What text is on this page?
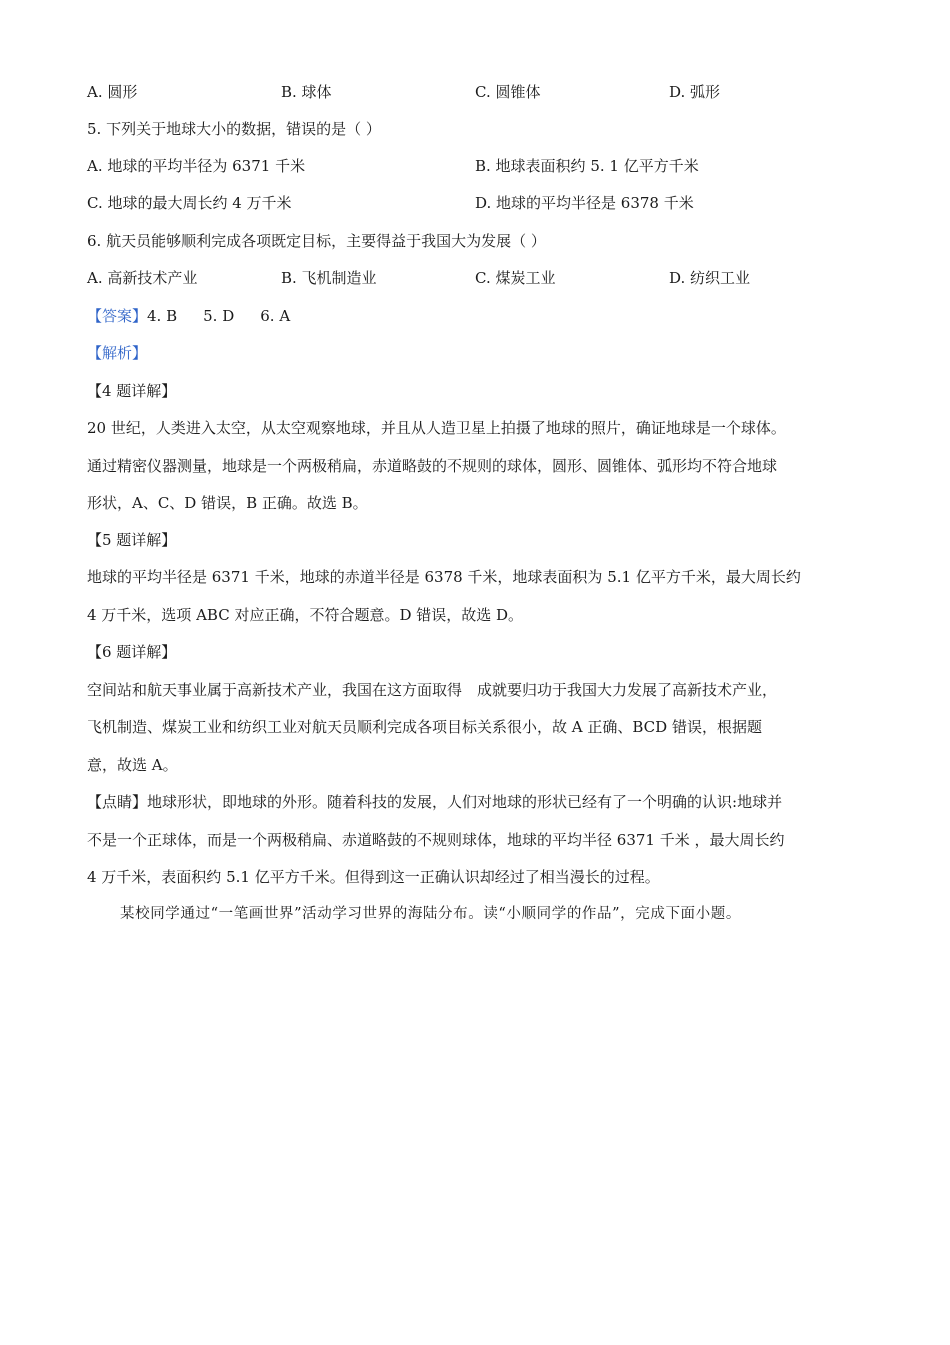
A. 圆形	B. 球体	C. 圆锥体	D. 弧形
5. 下列关于地球大小的数据，错误的是（ ）
A. 地球的平均半径为 6371 千米	B. 地球表面积约 5. 1 亿平方千米
C. 地球的最大周长约 4 万千米	D. 地球的平均半径是 6378 千米
6. 航天员能够顺利完成各项既定目标，主要得益于我国大为发展（ ）
A. 高新技术产业	B. 飞机制造业	C. 煤炭工业	D. 纺织工业
【答案】4. B 5. D 6. A
【解析】
【4 题详解】
20 世纪，人类进入太空，从太空观察地球，并且从人造卫星上拍摄了地球的照片，确证地球是一个球体。
通过精密仪器测量，地球是一个两极稍扁，赤道略鼓的不规则的球体，圆形、圆锥体、弧形均不符合地球
形状，A、C、D 错误，B 正确。故选 B。
【5 题详解】
地球的平均半径是 6371 千米，地球的赤道半径是 6378 千米，地球表面积为 5.1 亿平方千米，最大周长约
4 万千米，选项 ABC 对应正确，不符合题意。D 错误，故选 D。
【6 题详解】
空间站和航天事业属于高新技术产业，我国在这方面取得　成就要归功于我国大力发展了高新技术产业，
飞机制造、煤炭工业和纺织工业对航天员顺利完成各项目标关系很小，故 A 正确、BCD 错误，根据题
意，故选 A。
【点睛】地球形状，即地球的外形。随着科技的发展，人们对地球的形状已经有了一个明确的认识:地球并
不是一个正球体，而是一个两极稍扁、赤道略鼓的不规则球体，地球的平均半径 6371 千米 ，最大周长约
4 万千米，表面积约 5.1 亿平方千米。但得到这一正确认识却经过了相当漫长的过程。
某校同学通过“一笔画世界”活动学习世界的海陆分布。读“小顺同学的作品”，完成下面小题。
